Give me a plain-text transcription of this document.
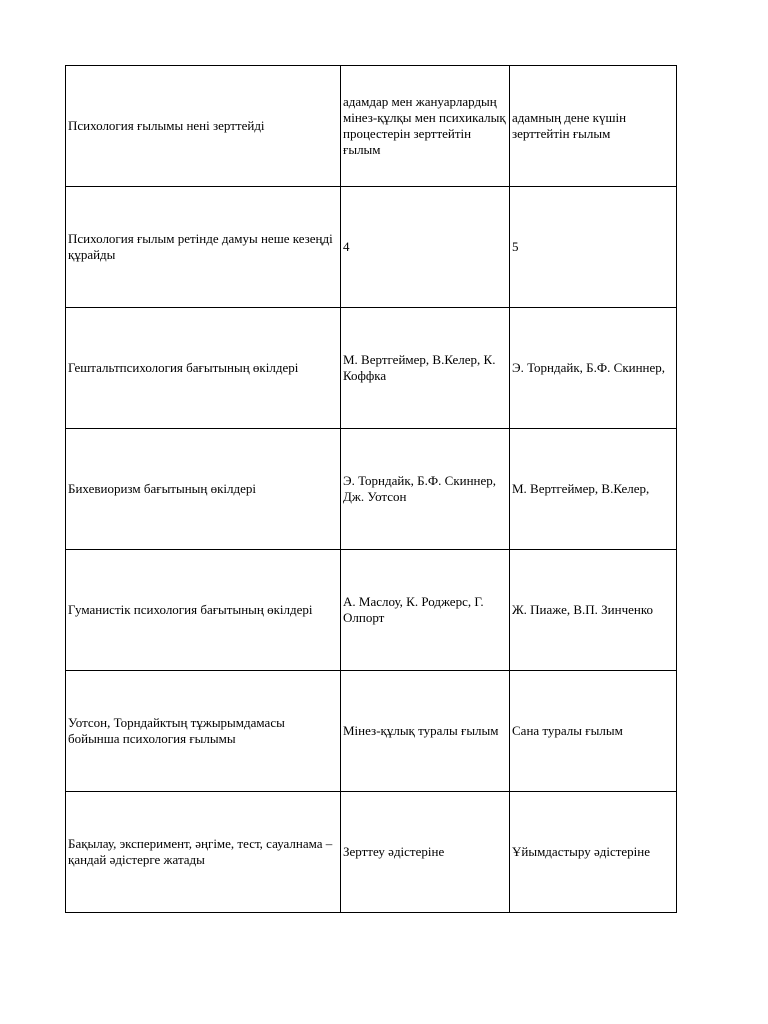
Психология ғылымы нені зерттейді	адамдар мен жануарлардың мінез-құлқы мен психикалық процестерін зерттейтін ғылым	адамның дене күшін зерттейтін ғылым

Психология ғылым ретінде дамуы неше кезеңді құрайды	4	5

Гештальтпсихология бағытының өкілдері	М. Вертгеймер, В.Келер, К. Коффка	Э. Торндайк, Б.Ф. Скиннер,

Бихевиоризм бағытының өкілдері	Э. Торндайк, Б.Ф. Скиннер, Дж. Уотсон	М. Вертгеймер, В.Келер,

Гуманистік психология бағытының өкілдері	А. Маслоу, К. Роджерс, Г. Олпорт	Ж. Пиаже, В.П. Зинченко

Уотсон, Торндайктың тұжырымдамасы бойынша психология ғылымы	Мінез-құлық туралы ғылым	Сана туралы ғылым

Бақылау, эксперимент, әңгіме, тест, сауалнама – қандай әдістерге жатады	Зерттеу әдістеріне	Ұйымдастыру әдістеріне
